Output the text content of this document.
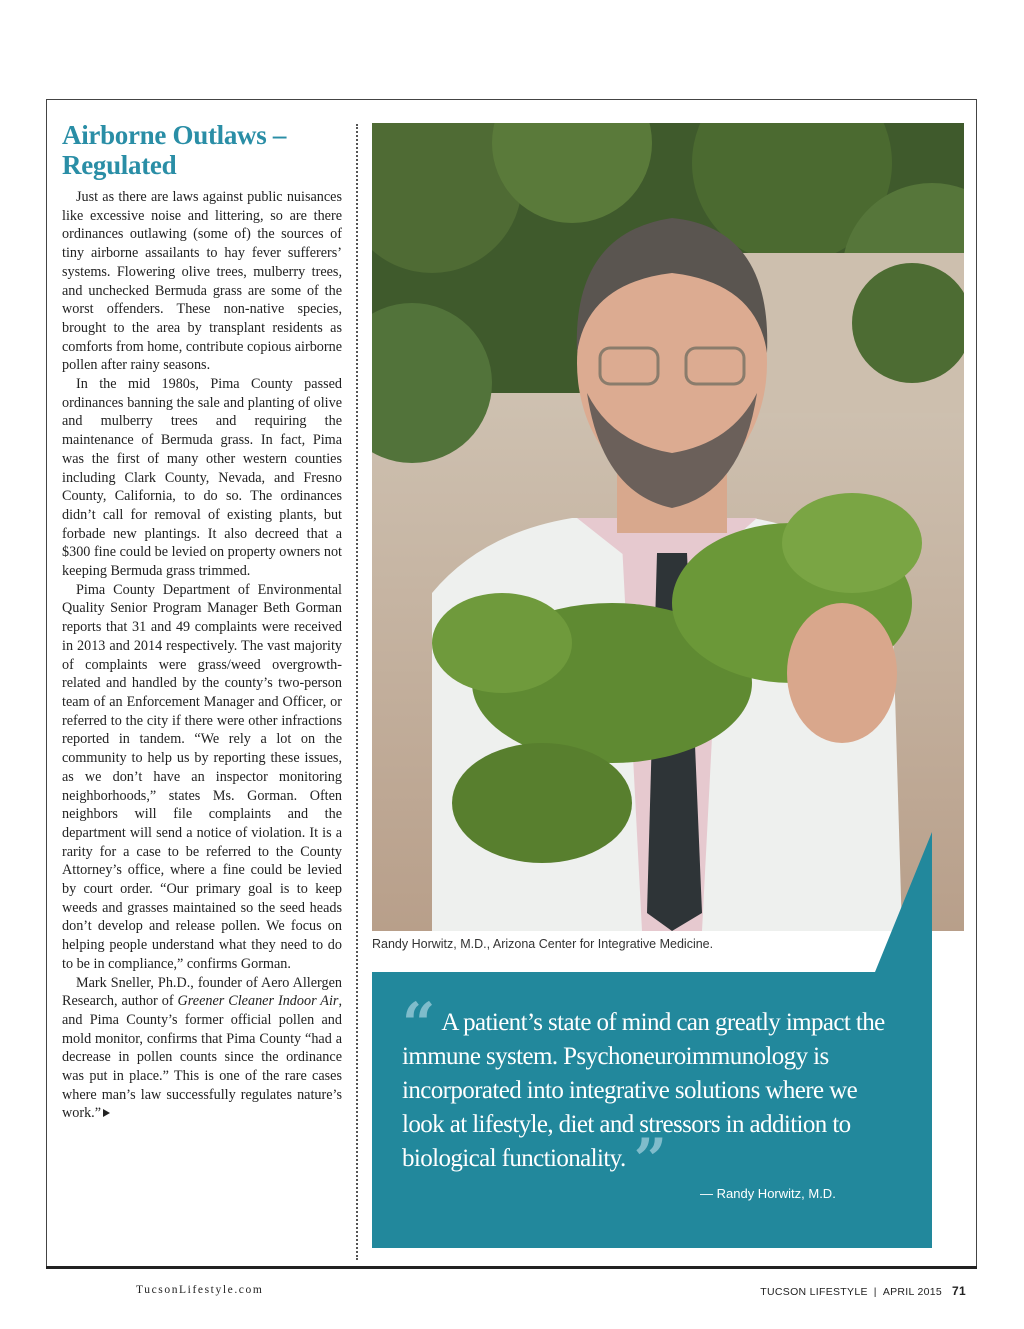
Airborne Outlaws –
Regulated

Just as there are laws against public nuisances like excessive noise and littering, so are there ordinances outlawing (some of) the sources of tiny airborne assailants to hay fever sufferers’ systems. Flowering olive trees, mulberry trees, and unchecked Bermuda grass are some of the worst offenders. These non-native species, brought to the area by transplant residents as comforts from home, contribute copious airborne pollen after rainy seasons.

In the mid 1980s, Pima County passed ordinances banning the sale and planting of olive and mulberry trees and requiring the maintenance of Bermuda grass. In fact, Pima was the first of many other western counties including Clark County, Nevada, and Fresno County, California, to do so. The ordinances didn’t call for removal of existing plants, but forbade new plantings. It also decreed that a $300 fine could be levied on property owners not keeping Bermuda grass trimmed.

Pima County Department of Environmental Quality Senior Program Manager Beth Gorman reports that 31 and 49 complaints were received in 2013 and 2014 respectively. The vast majority of complaints were grass/weed overgrowth-related and handled by the county’s two-person team of an Enforcement Manager and Officer, or referred to the city if there were other infractions reported in tandem. “We rely a lot on the community to help us by reporting these issues, as we don’t have an inspector monitoring neighborhoods,” states Ms. Gorman. Often neighbors will file complaints and the department will send a notice of violation. It is a rarity for a case to be referred to the County Attorney’s office, where a fine could be levied by court order. “Our primary goal is to keep weeds and grasses maintained so the seed heads don’t develop and release pollen. We focus on helping people understand what they need to do to be in compliance,” confirms Gorman.

Mark Sneller, Ph.D., founder of Aero Allergen Research, author of Greener Cleaner Indoor Air, and Pima County’s former official pollen and mold monitor, confirms that Pima County “had a decrease in pollen counts since the ordinance was put in place.” This is one of the rare cases where man’s law successfully regulates nature’s work.”

Randy Horwitz, M.D., Arizona Center for Integrative Medicine.
“ A patient’s state of mind can greatly impact the immune system. Psychoneuroimmunology is incorporated into integrative solutions where we look at lifestyle, diet and stressors in addition to biological functionality. ”	— Randy Horwitz, M.D.
TucsonLifestyle.com	TUCSON LIFESTYLE | APRIL 2015 71
